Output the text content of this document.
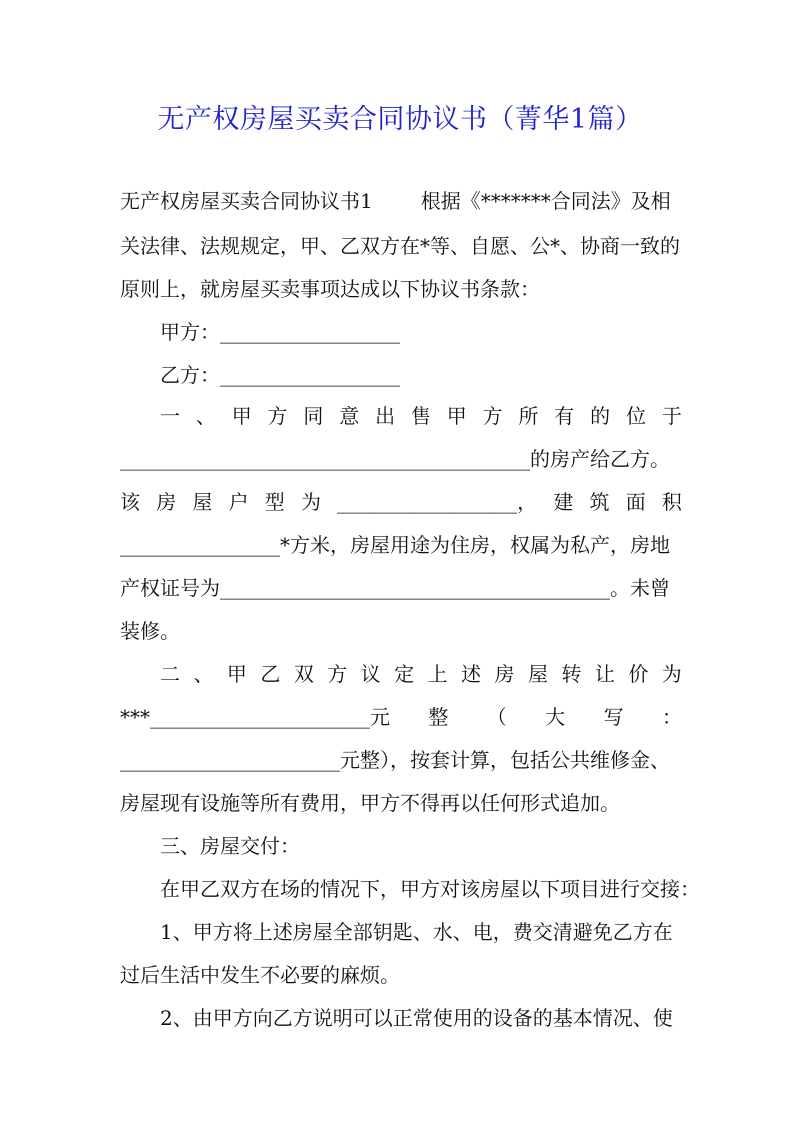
无产权房屋买卖合同协议书（菁华1篇）
无产权房屋买卖合同协议书1 根据《*******合同法》及相
关法律、法规规定，甲、乙双方在*等、自愿、公*、协商一致的
原则上，就房屋买卖事项达成以下协议书条款：
甲方：__________________
乙方：__________________
一 、 甲 方 同 意 出 售 甲 方 所 有 的 位 于
_________________________________________的房产给乙方。
该 房 屋 户 型 为 __________________， 建 筑 面 积
________________*方米，房屋用途为住房，权属为私产，房地
产权证号为_______________________________________。未曾
装修。
二 、 甲 乙 双 方 议 定 上 述 房 屋 转 让 价 为
***______________________元 整 （ 大 写 ：
______________________元整），按套计算，包括公共维修金、
房屋现有设施等所有费用，甲方不得再以任何形式追加。
三、房屋交付：
在甲乙双方在场的情况下，甲方对该房屋以下项目进行交接：
1、甲方将上述房屋全部钥匙、水、电，费交清避免乙方在
过后生活中发生不必要的麻烦。
2、由甲方向乙方说明可以正常使用的设备的基本情况、使
